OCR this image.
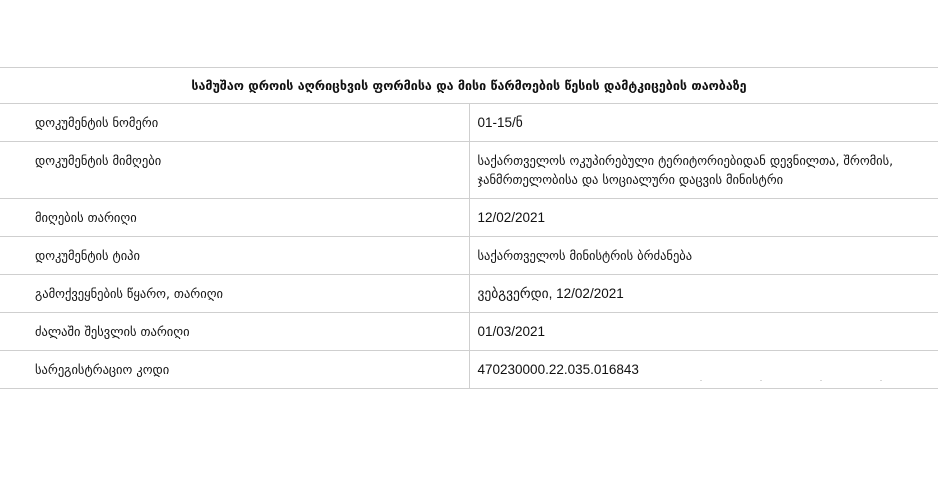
სამუშაო დროის აღრიცხვის ფორმისა და მისი წარმოების წესის დამტკიცების თაობაზე	
დოკუმენტის ნომერი	01-15/ნ
დოკუმენტის მიმღები	საქართველოს ოკუპირებული ტერიტორიებიდან დევნილთა, შრომის, ჯანმრთელობისა და სოციალური დაცვის მინისტრი
მიღების თარიღი	12/02/2021
დოკუმენტის ტიპი	საქართველოს მინისტრის ბრძანება
გამოქვეყნების წყარო, თარიღი	ვებგვერდი, 12/02/2021
ძალაში შესვლის თარიღი	01/03/2021
სარეგისტრაციო კოდი	470230000.22.035.016843
